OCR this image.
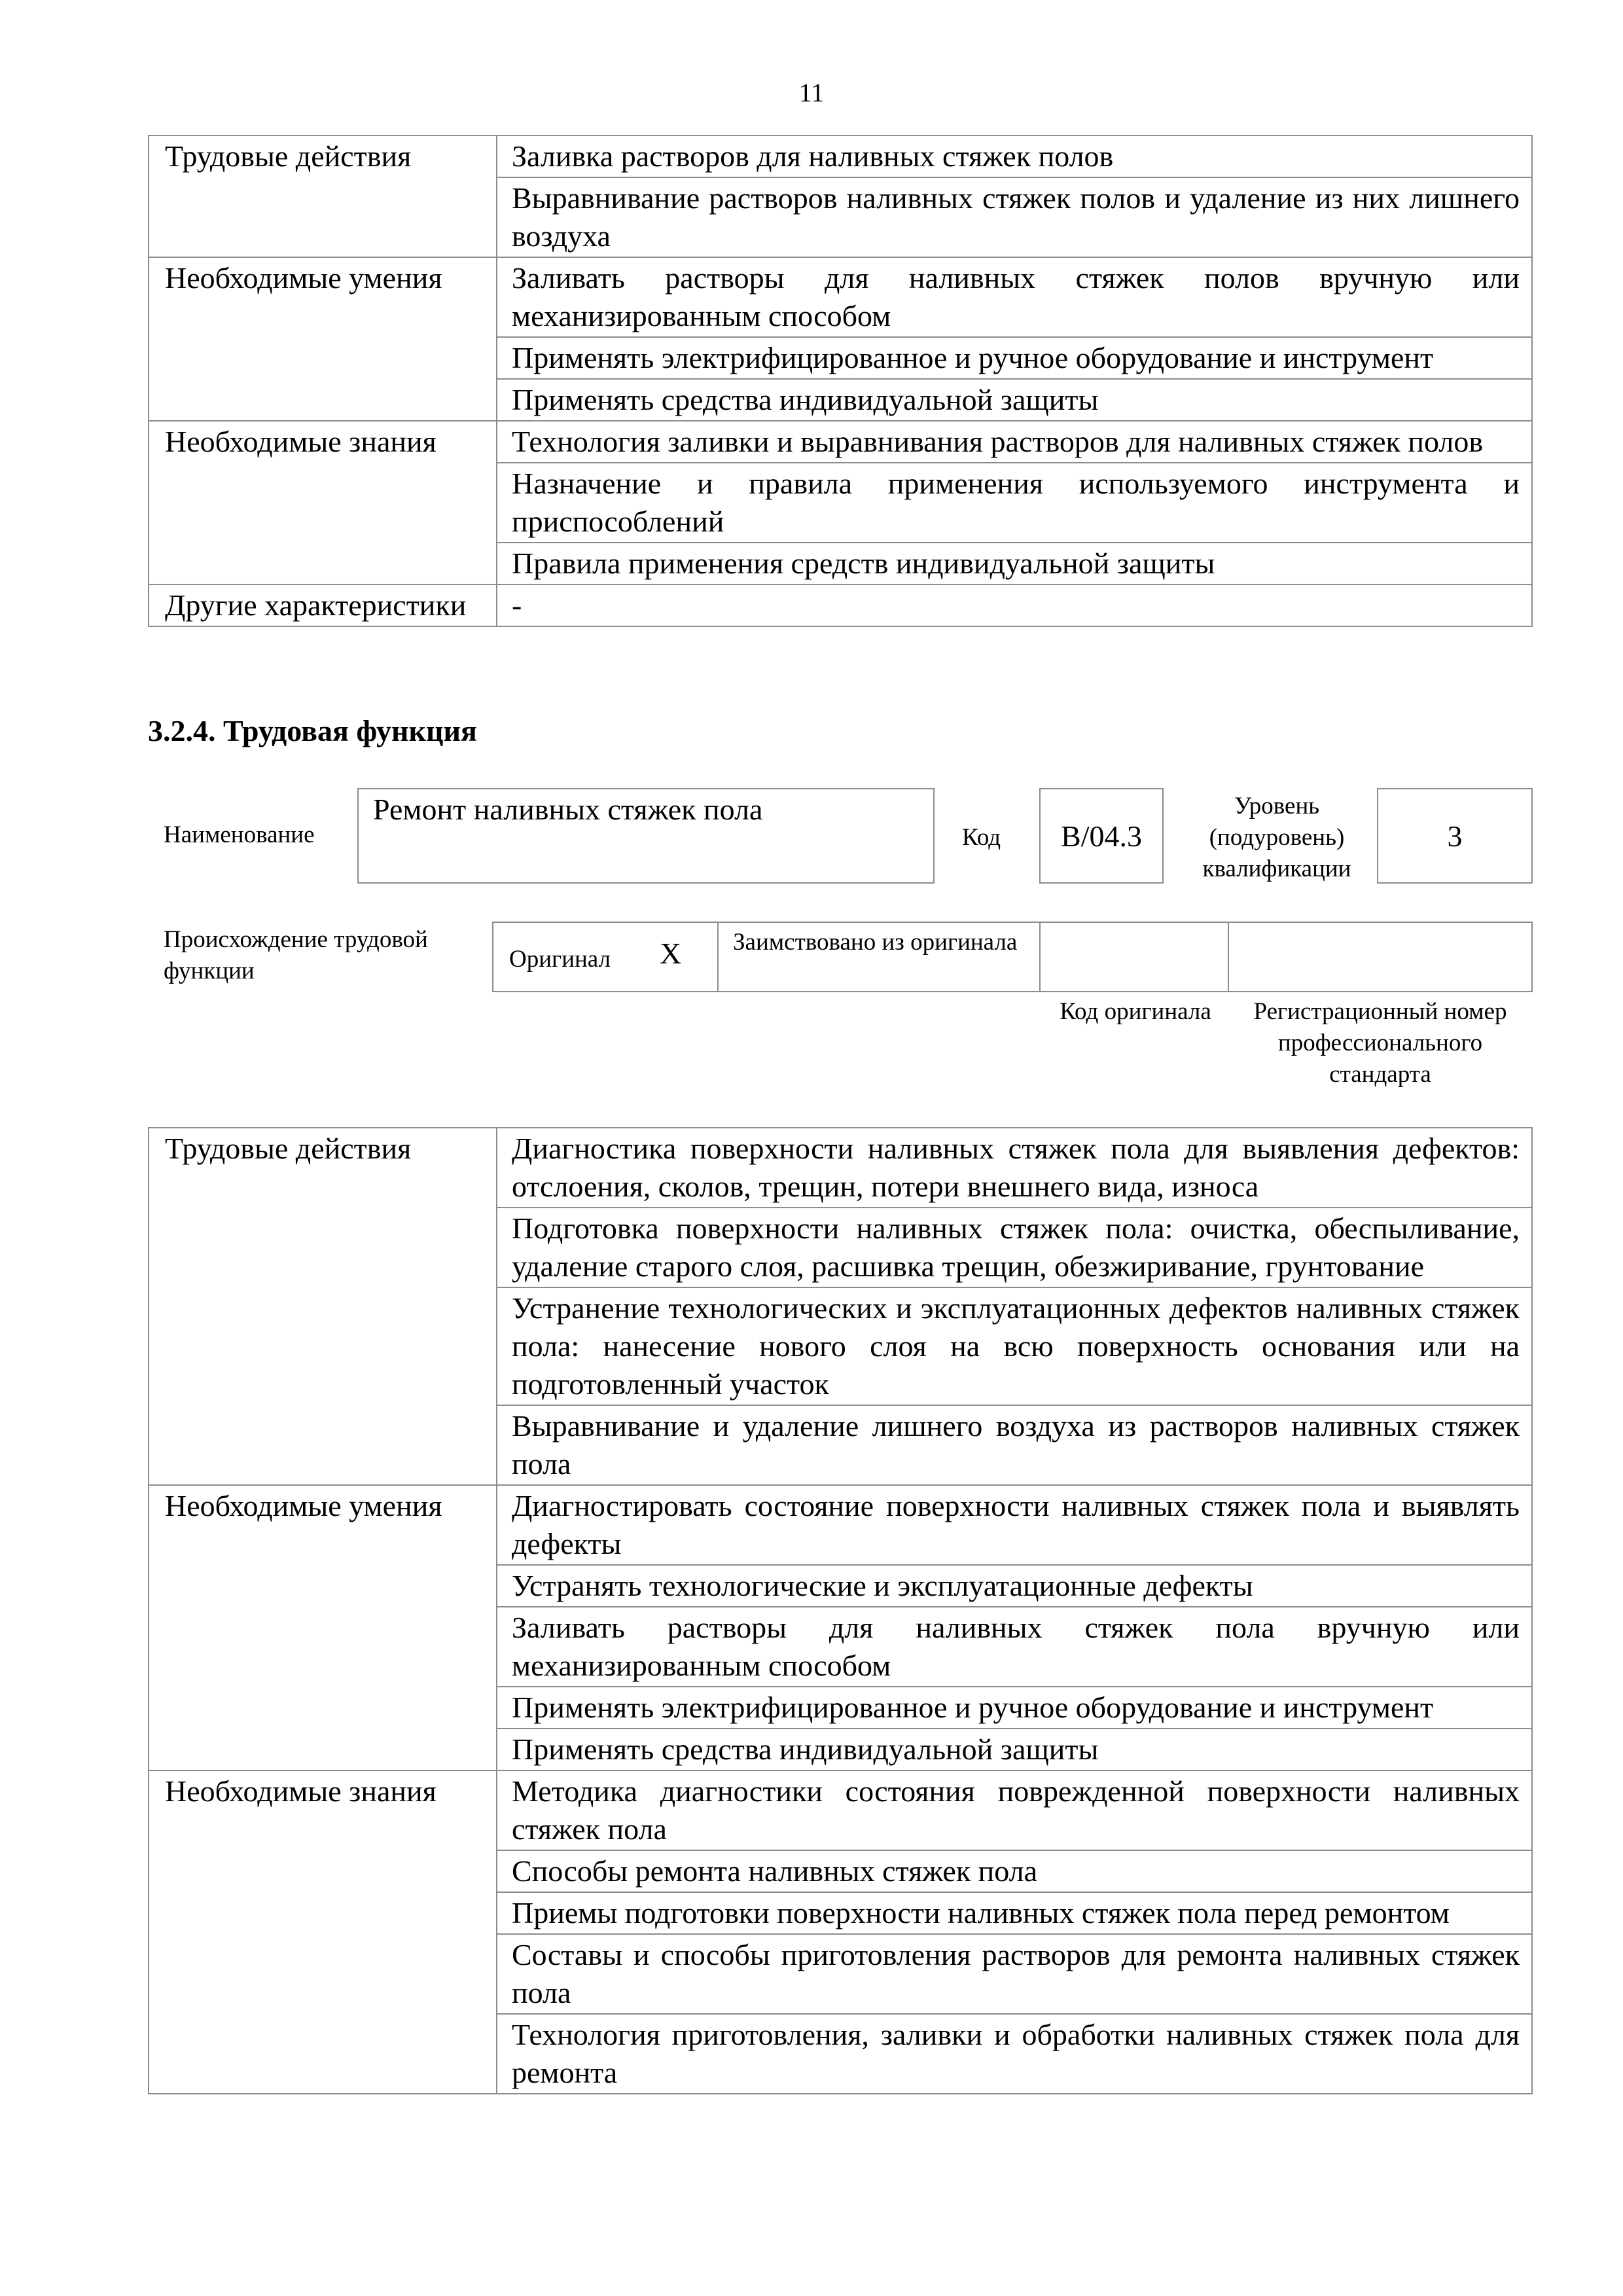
11
Трудовые действия	Заливка растворов для наливных стяжек полов
	Выравнивание растворов наливных стяжек полов и удаление из них лишнего воздуха
Необходимые умения	Заливать растворы для наливных стяжек полов вручную или механизированным способом
	Применять электрифицированное и ручное оборудование и инструмент
	Применять средства индивидуальной защиты
Необходимые знания	Технология заливки и выравнивания растворов для наливных стяжек полов
	Назначение и правила применения используемого инструмента и приспособлений
	Правила применения средств индивидуальной защиты
Другие характеристики	-
3.2.4. Трудовая функция
Наименование
Ремонт наливных стяжек пола
Код B/04.3
Уровень (подуровень) квалификации
3
Происхождение трудовой функции	Оригинал X Заимствовано из оригинала
Код оригинала	Регистрационный номер профессионального стандарта
Трудовые действия	Диагностика поверхности наливных стяжек пола для выявления дефектов: отслоения, сколов, трещин, потери внешнего вида, износа
	Подготовка поверхности наливных стяжек пола: очистка, обеспыливание, удаление старого слоя, расшивка трещин, обезжиривание, грунтование
	Устранение технологических и эксплуатационных дефектов наливных стяжек пола: нанесение нового слоя на всю поверхность основания или на подготовленный участок
	Выравнивание и удаление лишнего воздуха из растворов наливных стяжек пола
Необходимые умения	Диагностировать состояние поверхности наливных стяжек пола и выявлять дефекты
	Устранять технологические и эксплуатационные дефекты
	Заливать растворы для наливных стяжек пола вручную или механизированным способом
	Применять электрифицированное и ручное оборудование и инструмент
	Применять средства индивидуальной защиты
Необходимые знания	Методика диагностики состояния поврежденной поверхности наливных стяжек пола
	Способы ремонта наливных стяжек пола
	Приемы подготовки поверхности наливных стяжек пола перед ремонтом
	Составы и способы приготовления растворов для ремонта наливных стяжек пола
	Технология приготовления, заливки и обработки наливных стяжек пола для ремонта
